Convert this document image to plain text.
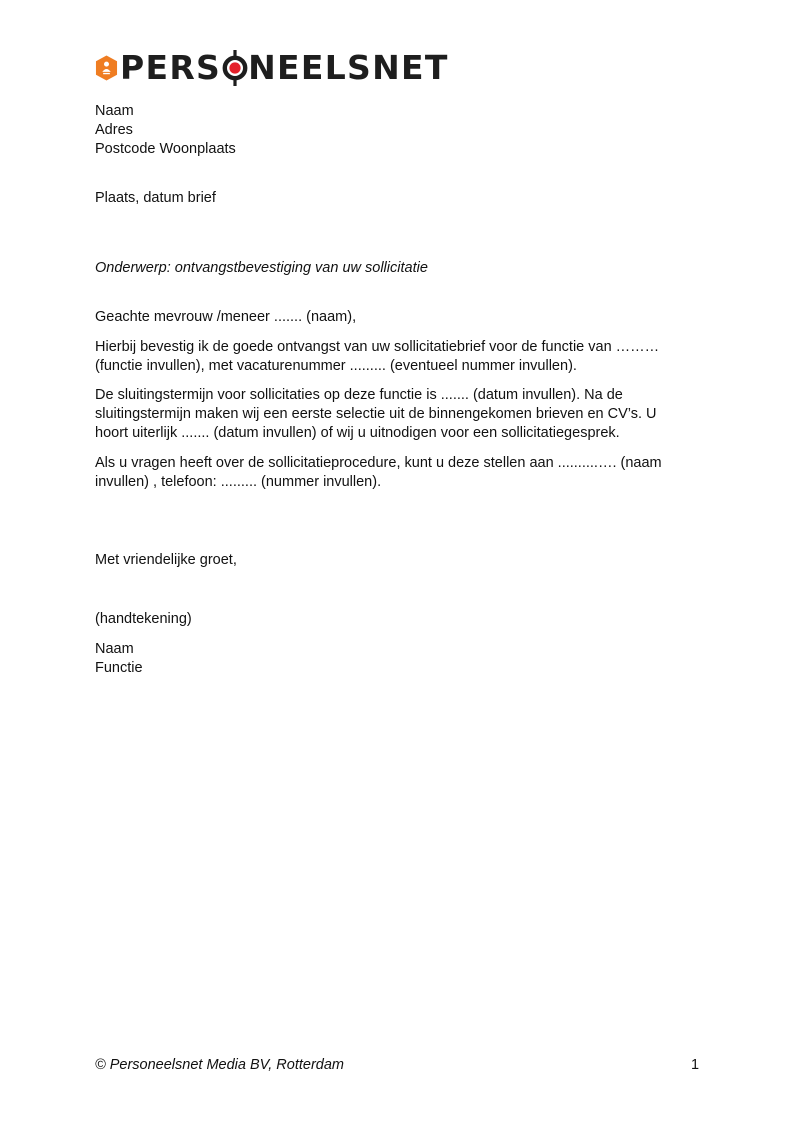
PERS NEELSNET

Naam

Adres

Postcode Woonplaats

Plaats, datum brief

Onderwerp: ontvangstbevestiging van uw sollicitatie

Geachte mevrouw /meneer ....... (naam),

Hierbij bevestig ik de goede ontvangst van uw sollicitatiebrief voor de functie van ………

(functie invullen), met vacaturenummer ......... (eventueel nummer invullen).

De sluitingstermijn voor sollicitaties op deze functie is ....... (datum invullen). Na de

sluitingstermijn maken wij een eerste selectie uit de binnengekomen brieven en CV’s. U

hoort uiterlijk ....... (datum invullen) of wij u uitnodigen voor een sollicitatiegesprek.

Als u vragen heeft over de sollicitatieprocedure, kunt u deze stellen aan ..........…. (naam

invullen) , telefoon: ......... (nummer invullen).

Met vriendelijke groet,

(handtekening)

Naam

Functie

© Personeelsnet Media BV, Rotterdam	1
